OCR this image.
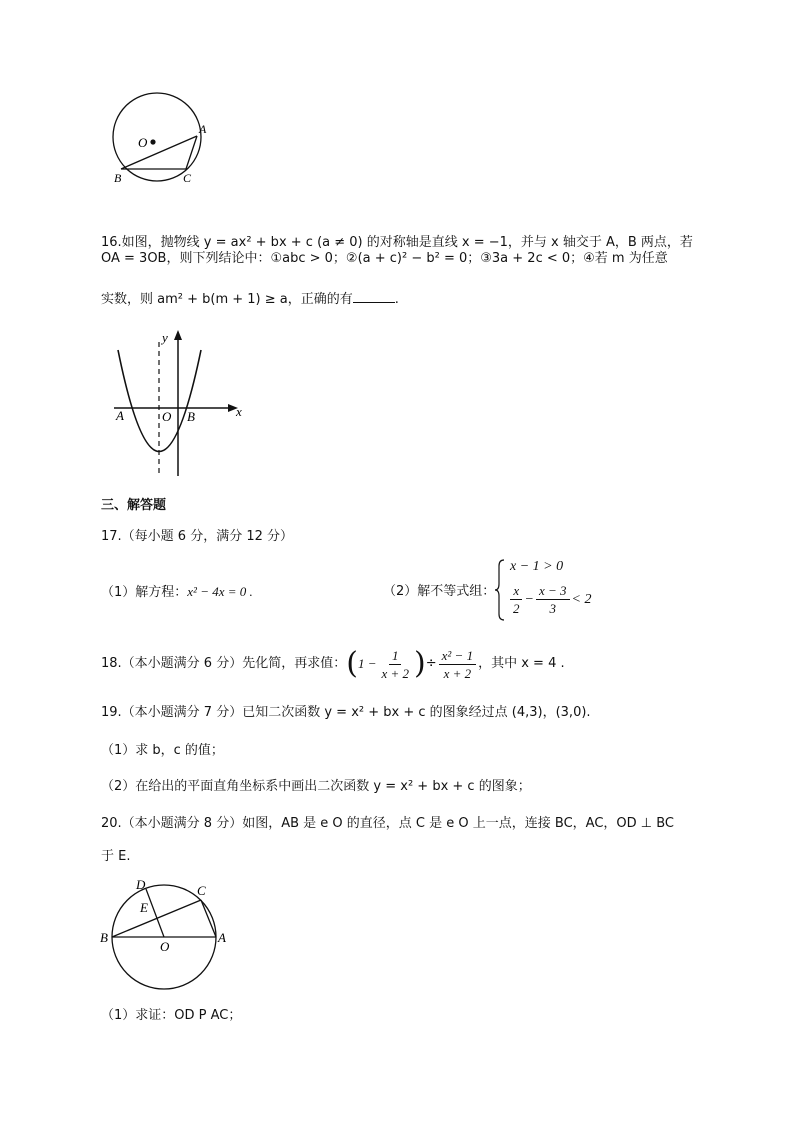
O
A
B	C
16.如图，抛物线 y = ax² + bx + c (a ≠ 0) 的对称轴是直线 x = −1，并与 x 轴交于 A，B 两点，若
OA = 3OB，则下列结论中：①abc > 0；②(a + c)² − b² = 0；③3a + 2c < 0；④若 m 为任意
实数，则 am² + b(m + 1) ≥ a，正确的有	.
y
x
A	O B
三、解答题
17.（每小题 6 分，满分 12 分）
（1）解方程：x² − 4x = 0 .	（2）解不等式组：
x − 1 > 0
$\frac{x}{2} - \frac{x - 3}{3} < 2$
18.（本小题满分 6 分）先化简，再求值： ( $1 - \frac{1}{x + 2}$ ) ÷ $\frac{\text{x² − 1}}{x + 2}$ ，其中 x = 4 .
19.（本小题满分 7 分）已知二次函数 y = x² + bx + c 的图象经过点 (4,3)，(3,0).
（1）求 b，c 的值；
（2）在给出的平面直角坐标系中画出二次函数 y = x² + bx + c 的图象；
20.（本小题满分 8 分）如图，AB 是 e O 的直径，点 C 是 e O 上一点，连接 BC，AC，OD ⊥ BC
于 E.
D	C
E
B
O
A
（1）求证：OD P AC；
